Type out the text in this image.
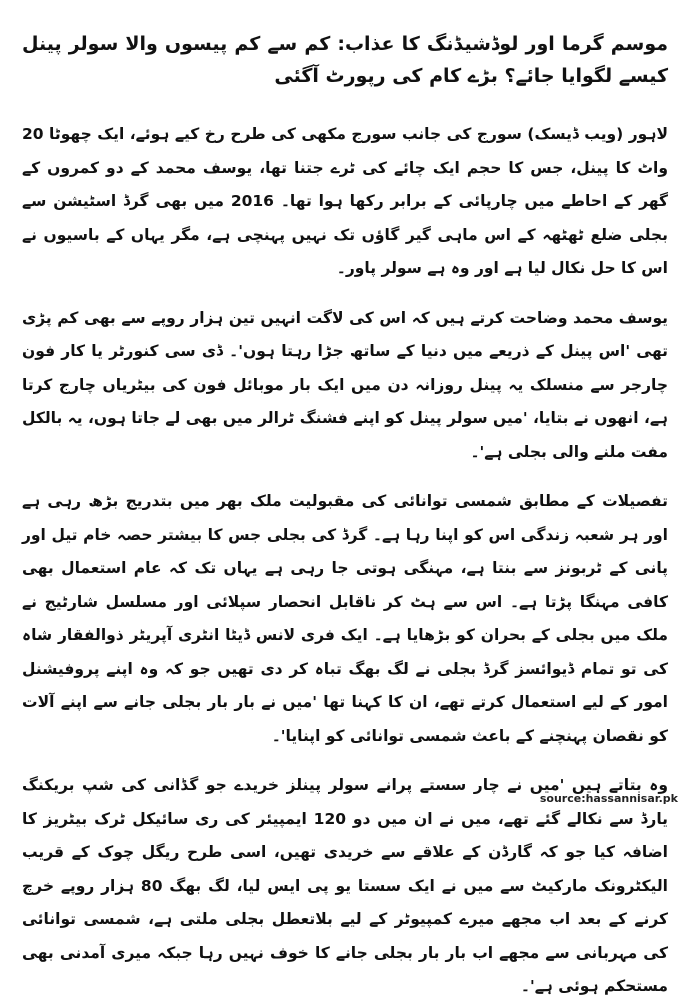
موسم گرما اور لوڈشیڈنگ کا عذاب: کم سے کم پیسوں والا سولر پینل کیسے لگوایا جائے؟ بڑے کام کی رپورٹ آگئی

لاہور (ویب ڈیسک) سورج کی جانب سورج مکھی کی طرح رخ کیے ہوئے، ایک چھوٹا 20 واٹ کا پینل، جس کا حجم ایک چائے کی ٹرے جتنا تھا، یوسف محمد کے دو کمروں کے گھر کے احاطے میں چارپائی کے برابر رکھا ہوا تھا۔ 2016 میں بھی گرڈ اسٹیشن سے بجلی ضلع ٹھٹھہ کے اس ماہی گیر گاؤں تک نہیں پہنچی ہے، مگر یہاں کے باسیوں نے اس کا حل نکال لیا ہے اور وہ ہے سولر پاور۔

یوسف محمد وضاحت کرتے ہیں کہ اس کی لاگت انہیں تین ہزار روپے سے بھی کم پڑی تھی 'اس پینل کے ذریعے میں دنیا کے ساتھ جڑا رہتا ہوں'۔ ڈی سی کنورٹر یا کار فون چارجر سے منسلک یہ پینل روزانہ دن میں ایک بار موبائل فون کی بیٹریاں چارج کرتا ہے، انھوں نے بتایا، 'میں سولر پینل کو اپنے فشنگ ٹرالر میں بھی لے جاتا ہوں، یہ بالکل مفت ملنے والی بجلی ہے'۔

تفصیلات کے مطابق شمسی توانائی کی مقبولیت ملک بھر میں بتدریج بڑھ رہی ہے اور ہر شعبہ زندگی اس کو اپنا رہا ہے۔ گرڈ کی بجلی جس کا بیشتر حصہ خام تیل اور پانی کے ٹربونز سے بنتا ہے، مہنگی ہوتی جا رہی ہے یہاں تک کہ عام استعمال بھی کافی مہنگا پڑتا ہے۔ اس سے ہٹ کر ناقابل انحصار سپلائی اور مسلسل شارٹیج نے ملک میں بجلی کے بحران کو بڑھایا ہے۔ ایک فری لانس ڈیٹا انٹری آپریٹر ذوالفقار شاہ کی تو تمام ڈیوائسز گرڈ بجلی نے لگ بھگ تباہ کر دی تھیں جو کہ وہ اپنے پروفیشنل امور کے لیے استعمال کرتے تھے، ان کا کہنا تھا 'میں نے بار بار بجلی جانے سے اپنے آلات کو نقصان پہنچنے کے باعث شمسی توانائی کو اپنایا'۔

وہ بتاتے ہیں 'میں نے چار سستے پرانے سولر پینلز خریدے جو گڈانی کی شپ بریکنگ یارڈ سے نکالے گئے تھے، میں نے ان میں دو 120 ایمپیئر کی ری سائیکل ٹرک بیٹریز کا اضافہ کیا جو کہ گارڈن کے علاقے سے خریدی تھیں، اسی طرح ریگل چوک کے قریب الیکٹرونک مارکیٹ سے میں نے ایک سستا یو پی ایس لیا، لگ بھگ 80 ہزار روپے خرچ کرنے کے بعد اب مجھے میرے کمپیوٹر کے لیے بلاتعطل بجلی ملتی ہے، شمسی توانائی کی مہربانی سے مجھے اب بار بار بجلی جانے کا خوف نہیں رہا جبکہ میری آمدنی بھی مستحکم ہوئی ہے'۔

source:hassannisar.pk
